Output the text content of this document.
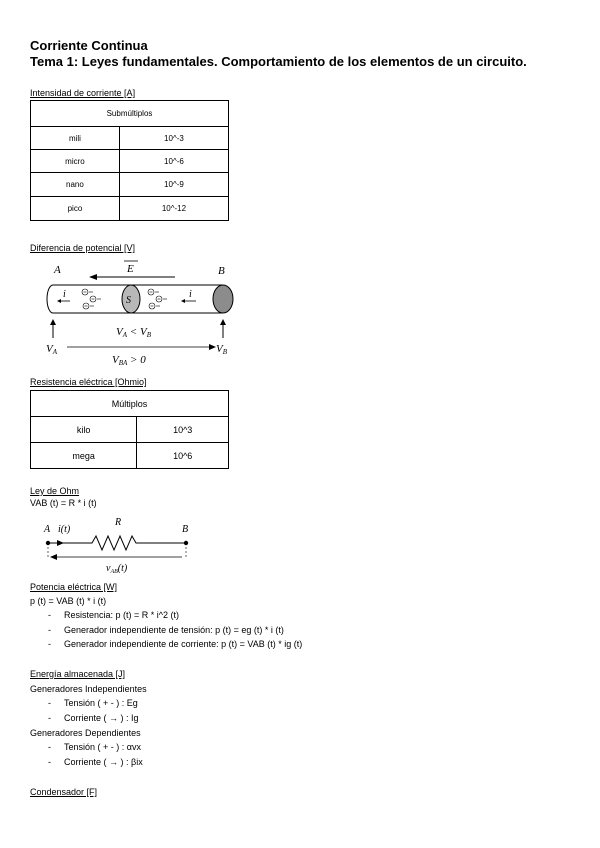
Corriente Continua
Tema 1: Leyes fundamentales. Comportamiento de los elementos de un circuito.
Intensidad de corriente [A]
Submúltiplos	
mili	10^-3
micro	10^-6
nano	10^-9
pico	10^-12
Diferencia de potencial [V]
A	B
E
S
i	i
VA	VB
VA < VB
VBA > 0
Resistencia eléctrica [Ohmio]
Múltiplos	
kilo	10^3
mega	10^6
Ley de Ohm
VAB (t) = R * i (t)
A	B
R
i(t)
$v_{AB}(t)$
Potencia eléctrica [W]
p (t) = VAB (t) * i (t)
- Resistencia: p (t) = R * i^2 (t)
- Generador independiente de tensión: p (t) = eg (t) * i (t)
- Generador independiente de corriente: p (t) = VAB (t) * ig (t)
Energía almacenada [J]
Generadores Independientes
- Tensión ( + - ) : Eg
- Corriente ( → ) : Ig
Generadores Dependientes
- Tensión ( + - ) : αvx
- Corriente ( → ) : βix
Condensador [F]
